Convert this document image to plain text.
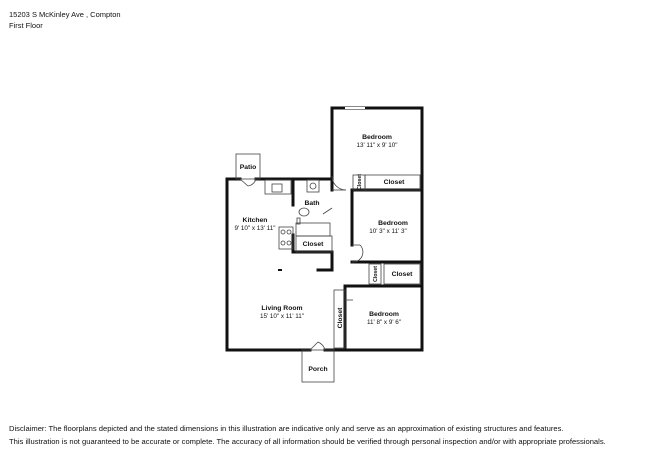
15203 S McKinley Ave , Compton
First Floor
Bedroom
13' 11" x 9' 10"
Bedroom
10' 3" x 11' 3"
Bedroom
11' 8" x 9' 6"
Kitchen
9' 10" x 13' 11"
Living Room
15' 10" x 11' 11"
Bath
Patio
Porch
Closet
Closet
Closet
Closet Closet
Closet
Disclaimer: The floorplans depicted and the stated dimensions in this illustration are indicative only and serve as an approximation of existing structures and features.
This illustration is not guaranteed to be accurate or complete. The accuracy of all information should be verified through personal inspection and/or with appropriate professionals.
